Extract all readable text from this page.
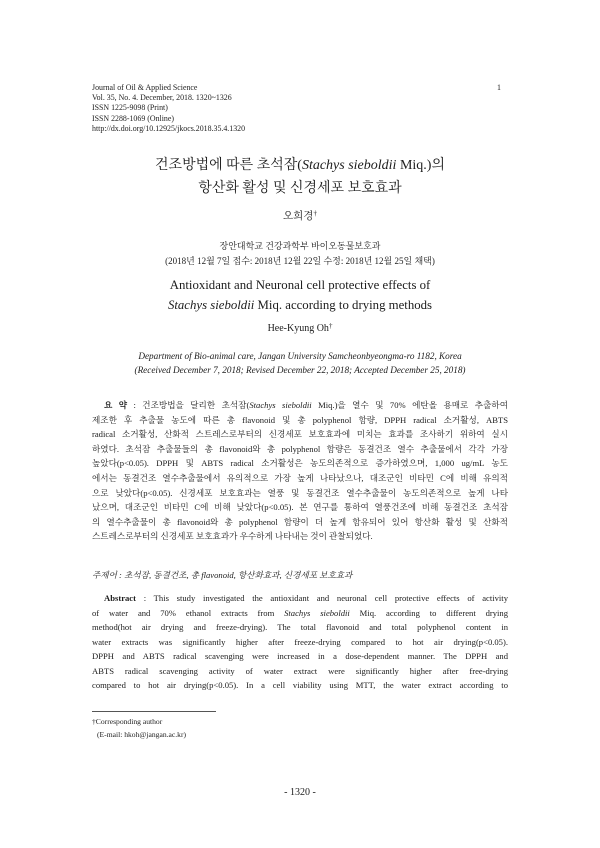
Journal of Oil & Applied Science
Vol. 35, No. 4. December, 2018. 1320~1326
ISSN 1225-9098 (Print)
ISSN 2288-1069 (Online)
http://dx.doi.org/10.12925/jkocs.2018.35.4.1320
1
건조방법에 따른 초석잠(Stachys sieboldii Miq.)의
항산화 활성 및 신경세포 보호효과
오희경†
장안대학교 건강과학부 바이오동물보호과
(2018년 12월 7일 접수: 2018년 12월 22일 수정: 2018년 12월 25일 채택)
Antioxidant and Neuronal cell protective effects of
Stachys sieboldii Miq. according to drying methods
Hee-Kyung Oh†
Department of Bio-animal care, Jangan University Samcheonbyeongma-ro 1182, Korea
(Received December 7, 2018; Revised December 22, 2018; Accepted December 25, 2018)
요 약 : 건조방법을 달리한 초석잠(Stachys sieboldii Miq.)을 열수 및 70% 에탄올 용매로 추출하여
제조한 후 추출물 농도에 따른 총 flavonoid 및 총 polyphenol 함량, DPPH radical 소거활성, ABTS
radical 소거활성, 산화적 스트레스로부터의 신경세포 보호효과에 미치는 효과를 조사하기 위하여 실시
하였다. 초석잠 추출물들의 총 flavonoid와 총 polyphenol 함량은 동결건조 열수 추출물에서 각각 가장
높았다(p<0.05). DPPH 및 ABTS radical 소거활성은 농도의존적으로 증가하였으며, 1,000 ug/mL 농도
에서는 동결건조 열수추출물에서 유의적으로 가장 높게 나타났으나, 대조군인 비타민 C에 비해 유의적
으로 낮았다(p<0.05). 신경세포 보호효과는 열풍 및 동결건조 열수추출물이 농도의존적으로 높게 나타
났으며, 대조군인 비타민 C에 비해 낮았다(p<0.05). 본 연구를 통하여 열풍건조에 비해 동결건조 초석잠
의 열수추출물이 총 flavonoid와 총 polyphenol 함량이 더 높게 함유되어 있어 항산화 활성 및 산화적
스트레스로부터의 신경세포 보호효과가 우수하게 나타내는 것이 관찰되었다.
주제어 : 초석잠, 동결건조, 총 flavonoid, 항산화효과, 신경세포 보호효과
Abstract : This study investigated the antioxidant and neuronal cell protective effects of activity
of water and 70% ethanol extracts from Stachys sieboldii Miq. according to different drying
method(hot air drying and freeze-drying). The total flavonoid and total polyphenol content in
water extracts was significantly higher after freeze-drying compared to hot air drying(p<0.05).
DPPH and ABTS radical scavenging were increased in a dose-dependent manner. The DPPH and
ABTS radical scavenging activity of water extract were significantly higher after free-drying
compared to hot air drying(p<0.05). In a cell viability using MTT, the water extract according to
†Corresponding author
(E-mail: hkoh@jangan.ac.kr)
- 1320 -
